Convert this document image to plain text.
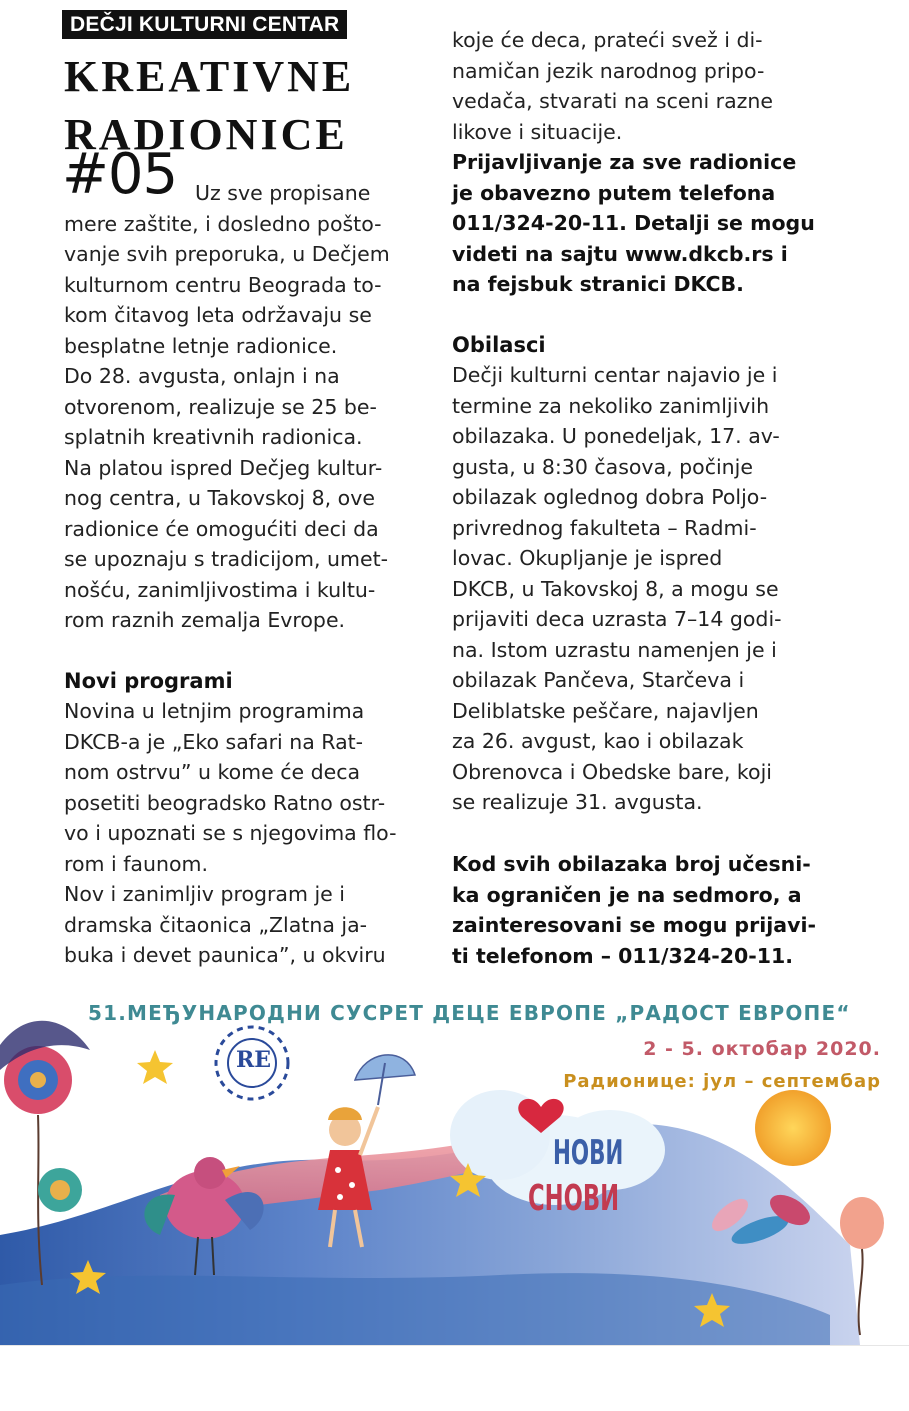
DEČJI KULTURNI CENTAR
KREATIVNE
RADIONICE
#05 Uz sve propisane
mere zaštite, i dosledno pošto-
vanje svih preporuka, u Dečjem
kulturnom centru Beograda to-
kom čitavog leta održavaju se
besplatne letnje radionice.
Do 28. avgusta, onlajn i na
otvorenom, realizuje se 25 be-
splatnih kreativnih radionica.
Na platou ispred Dečjeg kultur-
nog centra, u Takovskoj 8, ove
radionice će omogućiti deci da
se upoznaju s tradicijom, umet-
nošću, zanimljivostima i kultu-
rom raznih zemalja Evrope.
Novi programi
Novina u letnjim programima
DKCB-a je „Eko safari na Rat-
nom ostrvu” u kome će deca
posetiti beogradsko Ratno ostr-
vo i upoznati se s njegovima flo-
rom i faunom.
Nov i zanimljiv program je i
dramska čitaonica „Zlatna ja-
buka i devet paunica”, u okviru
koje će deca, prateći svež i di-
namičan jezik narodnog pripo-
vedača, stvarati na sceni razne
likove i situacije.
Prijavljivanje za sve radionice
je obavezno putem telefona
011/324-20-11. Detalji se mogu
videti na sajtu www.dkcb.rs i
na fejsbuk stranici DKCB.
Obilasci
Dečji kulturni centar najavio je i
termine za nekoliko zanimljivih
obilazaka. U ponedeljak, 17. av-
gusta, u 8:30 časova, počinje
obilazak oglednog dobra Poljo-
privrednog fakulteta – Radmi-
lovac. Okupljanje je ispred
DKCB, u Takovskoj 8, a mogu se
prijaviti deca uzrasta 7–14 godi-
na. Istom uzrastu namenjen je i
obilazak Pančeva, Starčeva i
Deliblatske peščare, najavljen
za 26. avgust, kao i obilazak
Obrenovca i Obedske bare, koji
se realizuje 31. avgusta.
Kod svih obilazaka broj učesni-
ka ograničen je na sedmoro, a
zainteresovani se mogu prijavi-
ti telefonom – 011/324-20-11.
51.МЕЂУНАРОДНИ СУСРЕТ ДЕЦЕ ЕВРОПЕ „РАДОСТ ЕВРОПЕ“
2 - 5. октобар 2020.
Радионице: јул – септембар
RE
НОВИ
СНОВИ
